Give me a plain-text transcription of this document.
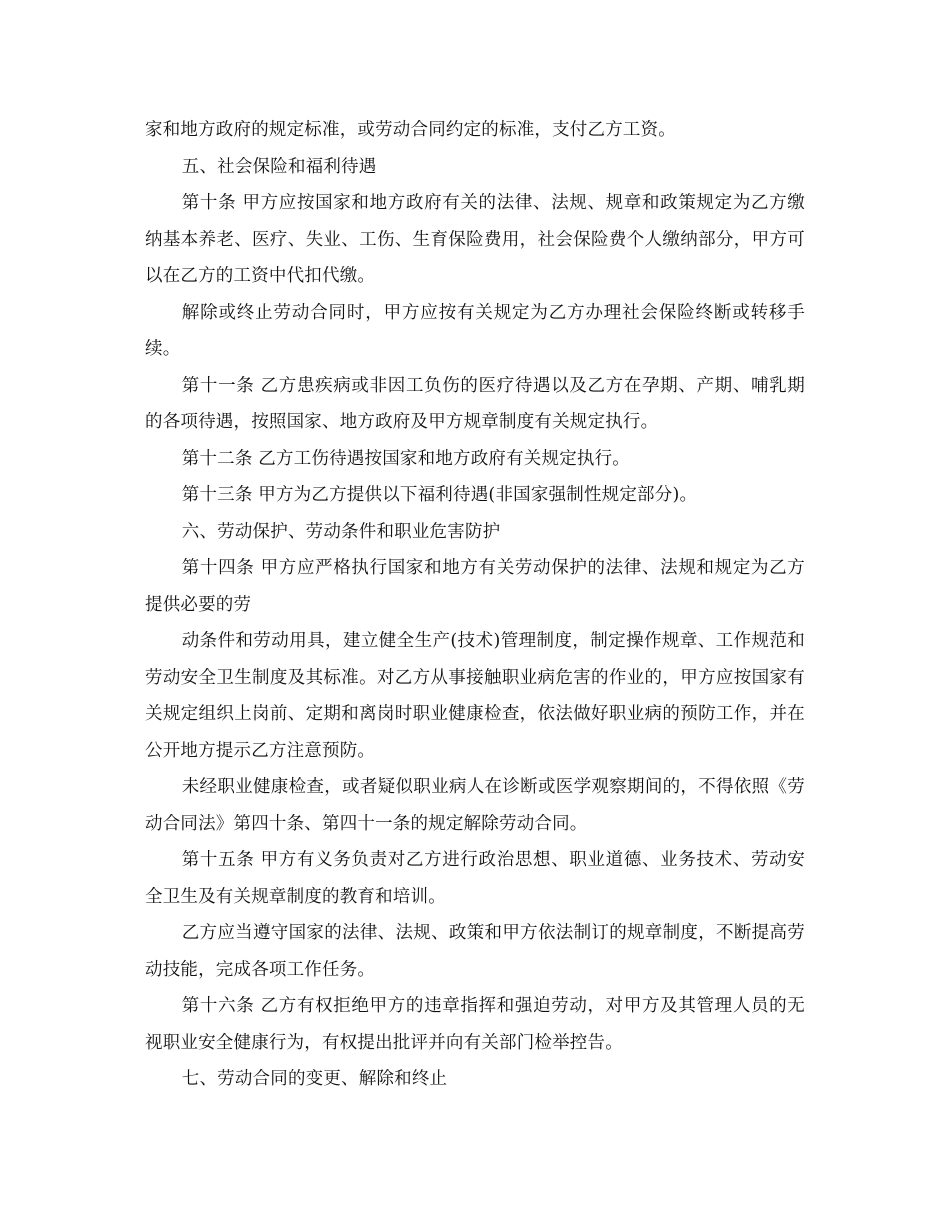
家和地方政府的规定标准，或劳动合同约定的标准，支付乙方工资。

五、社会保险和福利待遇

第十条 甲方应按国家和地方政府有关的法律、法规、规章和政策规定为乙方缴纳基本养老、医疗、失业、工伤、生育保险费用，社会保险费个人缴纳部分，甲方可以在乙方的工资中代扣代缴。

解除或终止劳动合同时，甲方应按有关规定为乙方办理社会保险终断或转移手续。

第十一条 乙方患疾病或非因工负伤的医疗待遇以及乙方在孕期、产期、哺乳期的各项待遇，按照国家、地方政府及甲方规章制度有关规定执行。

第十二条 乙方工伤待遇按国家和地方政府有关规定执行。

第十三条 甲方为乙方提供以下福利待遇(非国家强制性规定部分)。

六、劳动保护、劳动条件和职业危害防护

第十四条 甲方应严格执行国家和地方有关劳动保护的法律、法规和规定为乙方提供必要的劳

动条件和劳动用具，建立健全生产(技术)管理制度，制定操作规章、工作规范和劳动安全卫生制度及其标准。对乙方从事接触职业病危害的作业的，甲方应按国家有关规定组织上岗前、定期和离岗时职业健康检查，依法做好职业病的预防工作，并在公开地方提示乙方注意预防。

未经职业健康检查，或者疑似职业病人在诊断或医学观察期间的，不得依照《劳动合同法》第四十条、第四十一条的规定解除劳动合同。

第十五条 甲方有义务负责对乙方进行政治思想、职业道德、业务技术、劳动安全卫生及有关规章制度的教育和培训。

乙方应当遵守国家的法律、法规、政策和甲方依法制订的规章制度，不断提高劳动技能，完成各项工作任务。

第十六条 乙方有权拒绝甲方的违章指挥和强迫劳动，对甲方及其管理人员的无视职业安全健康行为，有权提出批评并向有关部门检举控告。

七、劳动合同的变更、解除和终止
